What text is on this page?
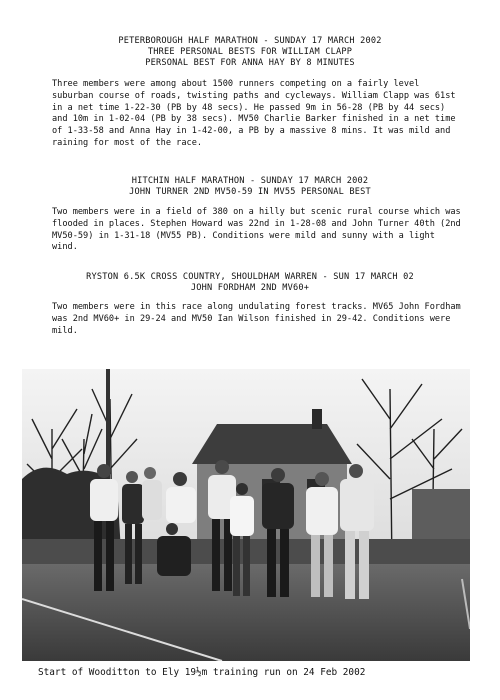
PETERBOROUGH HALF MARATHON - SUNDAY 17 MARCH 2002
THREE PERSONAL BESTS FOR WILLIAM CLAPP
PERSONAL BEST FOR ANNA HAY BY 8 MINUTES
Three members were among about 1500 runners competing on a fairly level suburban course of roads, twisting paths and cycleways. William Clapp was 61st in a net time 1-22-30 (PB by 48 secs). He passed 9m in 56-28 (PB by 44 secs) and 10m in 1-02-04 (PB by 38 secs). MV50 Charlie Barker finished in a net time of 1-33-58 and Anna Hay in 1-42-00, a PB by a massive 8 mins. It was mild and raining for most of the race.
HITCHIN HALF MARATHON - SUNDAY 17 MARCH 2002
JOHN TURNER 2ND MV50-59 IN MV55 PERSONAL BEST
Two members were in a field of 380 on a hilly but scenic rural course which was flooded in places. Stephen Howard was 22nd in 1-28-08 and John Turner 40th (2nd MV50-59) in 1-31-18 (MV55 PB). Conditions were mild and sunny with a light wind.
RYSTON 6.5K CROSS COUNTRY, SHOULDHAM WARREN - SUN 17 MARCH 02
JOHN FORDHAM 2ND MV60+
Two members were in this race along undulating forest tracks. MV65 John Fordham was 2nd MV60+ in 29-24 and MV50 Ian Wilson finished in 29-42. Conditions were mild.
Start of Wooditton to Ely 19½m training run on 24 Feb 2002
